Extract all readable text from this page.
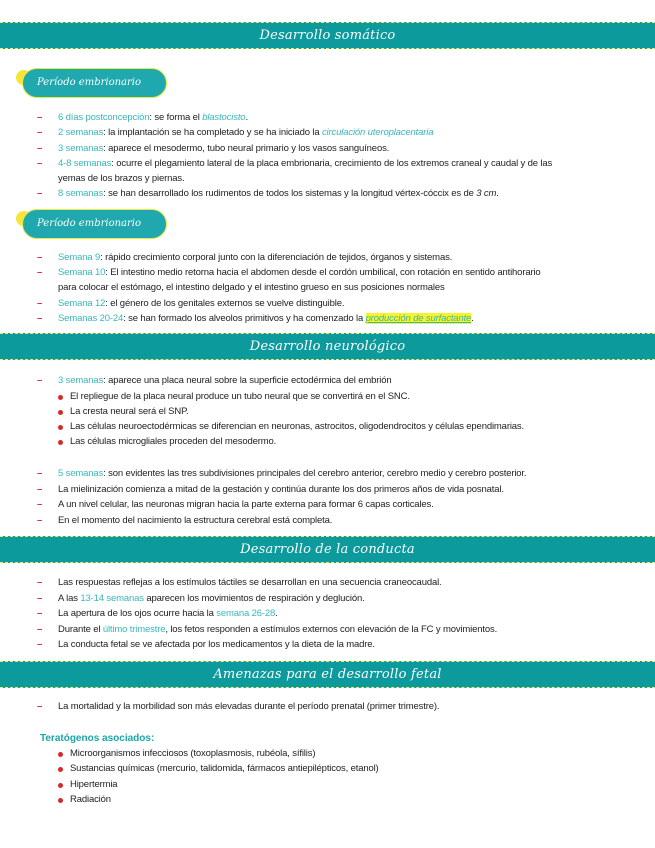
Desarrollo somático
Período embrionario
–	6 días postconcepción: se forma el blastocisto.
–	2 semanas: la implantación se ha completado y se ha iniciado la circulación uteroplacentaria
–	3 semanas: aparece el mesodermo, tubo neural primario y los vasos sanguíneos.
–	4-8 semanas: ocurre el plegamiento lateral de la placa embrionaria, crecimiento de los extremos craneal y caudal y de las
yemas de los brazos y piernas.
–	8 semanas: se han desarrollado los rudimentos de todos los sistemas y la longitud vértex-cóccix es de 3 cm.
Período embrionario
–	Semana 9: rápido crecimiento corporal junto con la diferenciación de tejidos, órganos y sistemas.
–	Semana 10: El intestino medio retorna hacia el abdomen desde el cordón umbilical, con rotación en sentido antihorario
para colocar el estómago, el intestino delgado y el intestino grueso en sus posiciones normales
–	Semana 12: el género de los genitales externos se vuelve distinguible.
–	Semanas 20-24: se han formado los alveolos primitivos y ha comenzado la producción de surfactante.
Desarrollo neurológico
–	3 semanas: aparece una placa neural sobre la superficie ectodérmica del embrión
El repliegue de la placa neural produce un tubo neural que se convertirá en el SNC.
La cresta neural será el SNP.
Las células neuroectodérmicas se diferencian en neuronas, astrocitos, oligodendrocitos y células ependimarias.
Las células microgliales proceden del mesodermo.
–	5 semanas: son evidentes las tres subdivisiones principales del cerebro anterior, cerebro medio y cerebro posterior.
–	La mielinización comienza a mitad de la gestación y continúa durante los dos primeros años de vida posnatal.
–	A un nivel celular, las neuronas migran hacia la parte externa para formar 6 capas corticales.
–	En el momento del nacimiento la estructura cerebral está completa.
Desarrollo de la conducta
–	Las respuestas reflejas a los estímulos táctiles se desarrollan en una secuencia craneocaudal.
–	A las 13-14 semanas aparecen los movimientos de respiración y deglución.
–	La apertura de los ojos ocurre hacia la semana 26-28.
–	Durante el último trimestre, los fetos responden a estímulos externos con elevación de la FC y movimientos.
–	La conducta fetal se ve afectada por los medicamentos y la dieta de la madre.
Amenazas para el desarrollo fetal
–	La mortalidad y la morbilidad son más elevadas durante el período prenatal (primer trimestre).
Teratógenos asociados:
Microorganismos infecciosos (toxoplasmosis, rubéola, sífilis)
Sustancias químicas (mercurio, talidomida, fármacos antiepilépticos, etanol)
Hipertermia
Radiación
